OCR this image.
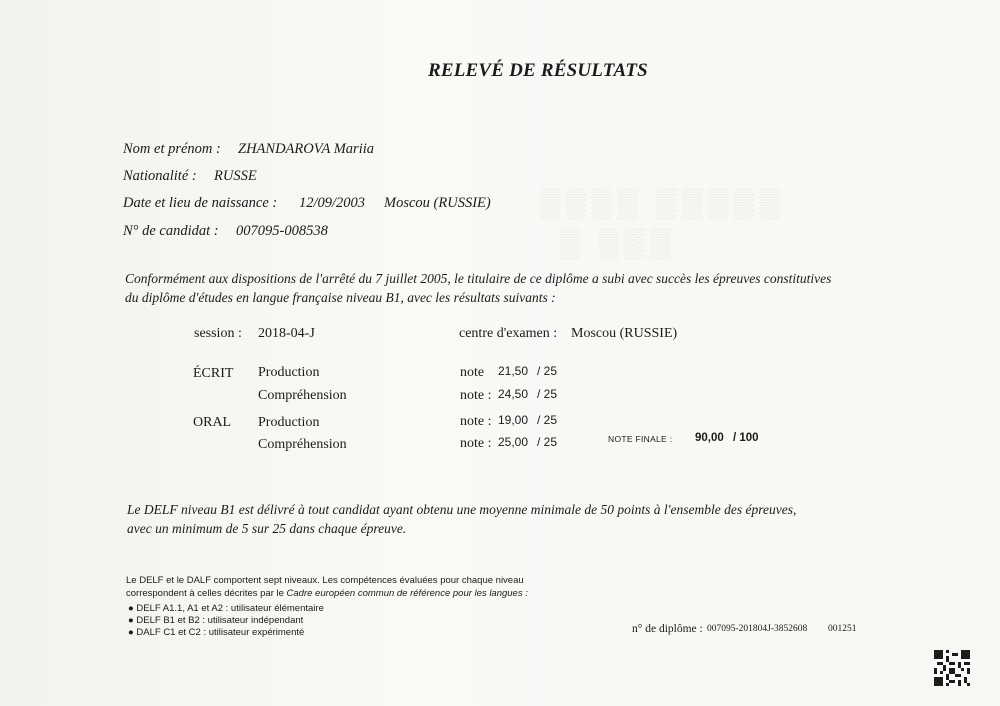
▒▒▒▒ ▒▒▒▒▒
▒ ▒▒▒
RELEVÉ DE RÉSULTATS
Nom et prénom : ZHANDAROVA Mariia
Nationalité : RUSSE
Date et lieu de naissance : 12/09/2003 Moscou (RUSSIE)
N° de candidat : 007095-008538
Conformément aux dispositions de l'arrêté du 7 juillet 2005, le titulaire de ce diplôme a subi avec succès les épreuves constitutives
du diplôme d'études en langue française niveau B1, avec les résultats suivants :
session : 2018-04-J	centre d'examen : Moscou (RUSSIE)
ÉCRIT Production	note 21,50 / 25
Compréhension	note : 24,50 / 25
ORAL Production	note : 19,00 / 25
Compréhension	note : 25,00 / 25	NOTE FINALE : 90,00 / 100
Le DELF niveau B1 est délivré à tout candidat ayant obtenu une moyenne minimale de 50 points à l'ensemble des épreuves,
avec un minimum de 5 sur 25 dans chaque épreuve.
Le DELF et le DALF comportent sept niveaux. Les compétences évaluées pour chaque niveau
correspondent à celles décrites par le Cadre européen commun de référence pour les langues :
● DELF A1.1, A1 et A2 : utilisateur élémentaire
● DELF B1 et B2 : utilisateur indépendant
● DALF C1 et C2 : utilisateur expérimenté	n° de diplôme : 007095-201804J-3852608 001251
